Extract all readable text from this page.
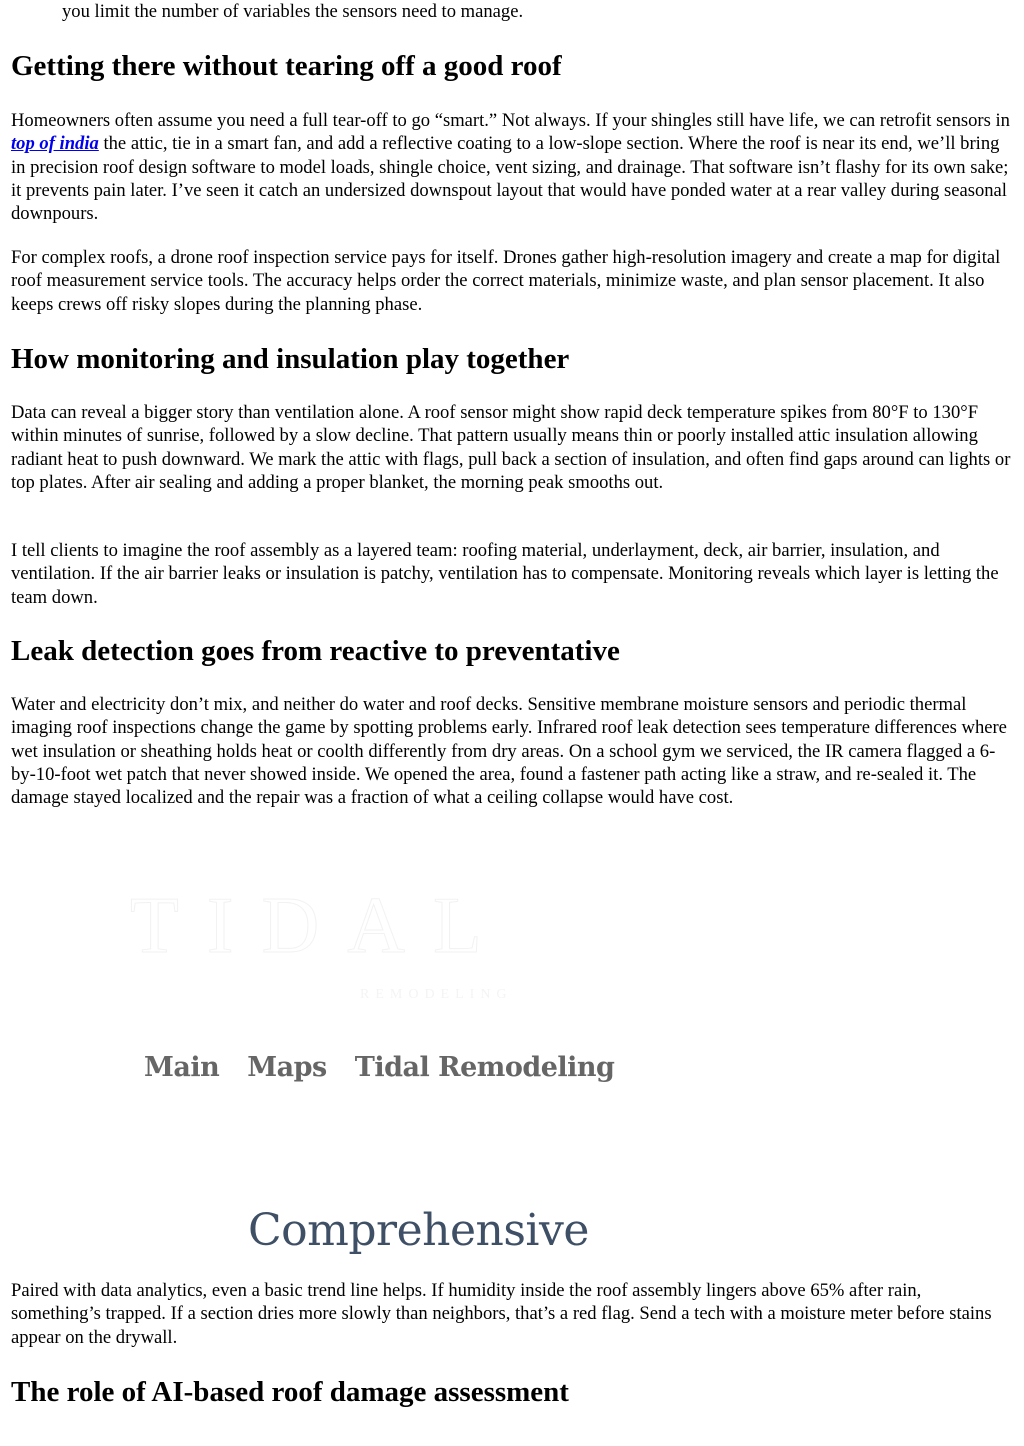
you limit the number of variables the sensors need to manage.

Getting there without tearing off a good roof

Homeowners often assume you need a full tear-off to go “smart.” Not always. If your shingles still have life, we can retrofit sensors in top of india the attic, tie in a smart fan, and add a reflective coating to a low-slope section. Where the roof is near its end, we’ll bring in precision roof design software to model loads, shingle choice, vent sizing, and drainage. That software isn’t flashy for its own sake; it prevents pain later. I’ve seen it catch an undersized downspout layout that would have ponded water at a rear valley during seasonal downpours.

For complex roofs, a drone roof inspection service pays for itself. Drones gather high-resolution imagery and create a map for digital roof measurement service tools. The accuracy helps order the correct materials, minimize waste, and plan sensor placement. It also keeps crews off risky slopes during the planning phase.

How monitoring and insulation play together

Data can reveal a bigger story than ventilation alone. A roof sensor might show rapid deck temperature spikes from 80°F to 130°F within minutes of sunrise, followed by a slow decline. That pattern usually means thin or poorly installed attic insulation allowing radiant heat to push downward. We mark the attic with flags, pull back a section of insulation, and often find gaps around can lights or top plates. After air sealing and adding a proper blanket, the morning peak smooths out.

I tell clients to imagine the roof assembly as a layered team: roofing material, underlayment, deck, air barrier, insulation, and ventilation. If the air barrier leaks or insulation is patchy, ventilation has to compensate. Monitoring reveals which layer is letting the team down.

Leak detection goes from reactive to preventative

Water and electricity don’t mix, and neither do water and roof decks. Sensitive membrane moisture sensors and periodic thermal imaging roof inspections change the game by spotting problems early. Infrared roof leak detection sees temperature differences where wet insulation or sheathing holds heat or coolth differently from dry areas. On a school gym we serviced, the IR camera flagged a 6-by-10-foot wet patch that never showed inside. We opened the area, found a fastener path acting like a straw, and re-sealed it. The damage stayed localized and the repair was a fraction of what a ceiling collapse would have cost.

TIDAL
REMODELING
Main Maps Tidal Remodeling
Comprehensive

Paired with data analytics, even a basic trend line helps. If humidity inside the roof assembly lingers above 65% after rain, something’s trapped. If a section dries more slowly than neighbors, that’s a red flag. Send a tech with a moisture meter before stains appear on the drywall.

The role of AI-based roof damage assessment
